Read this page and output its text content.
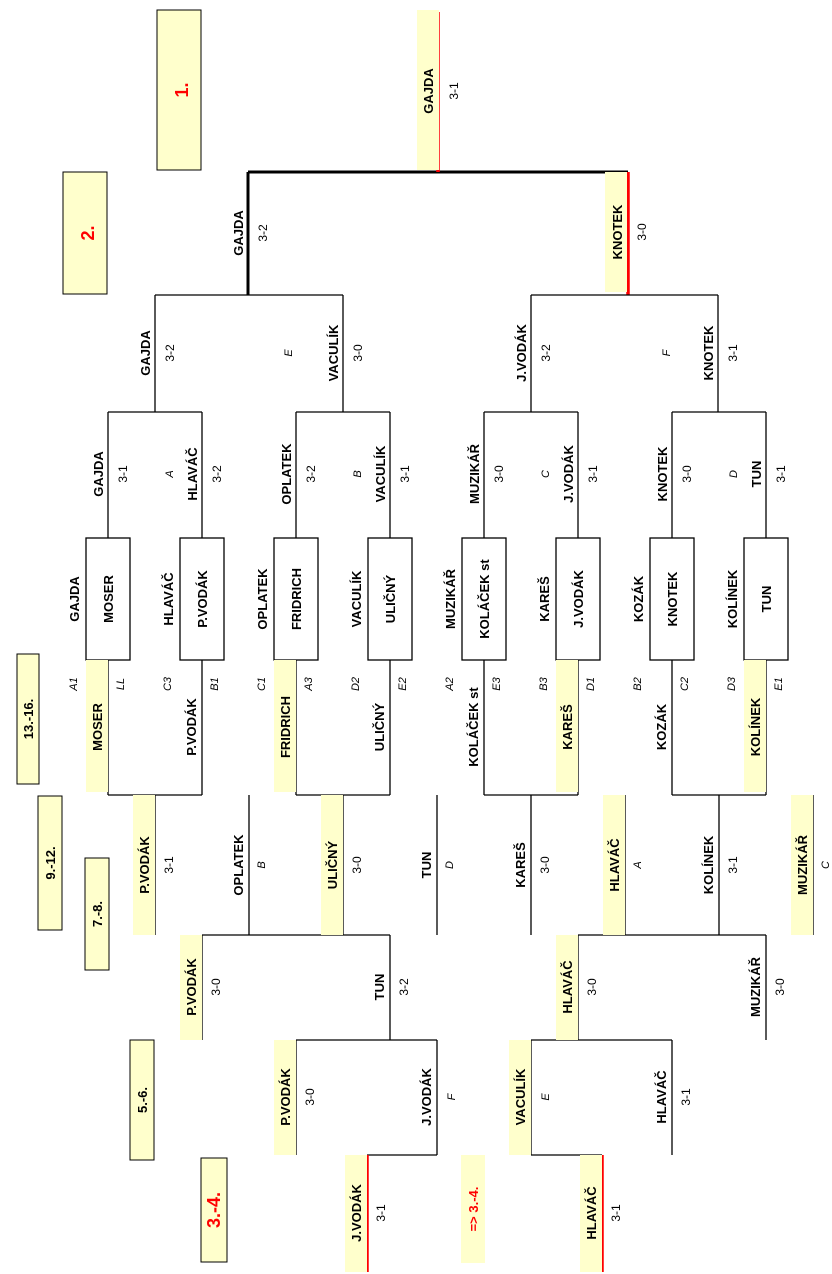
1.
2.
13.-16.
9.-12.
7.-8.
5.-6.
3.-4.	=> 3.-4.
GAJDA 3-1
KNOTEK 3-0
GAJDA 3-2
GAJDA 3-2	E VACULÍK 3-0	J.VODÁK 3-2	F KNOTEK 3-1
GAJDA 3-1	A HLAVÁČ 3-2	OPLATEK 3-2	B VACULÍK 3-1	MUZIKÁŘ 3-0	C J.VODÁK 3-1	KNOTEK 3-0	D TUN 3-1
GAJDA MOSER	HLAVÁČ P.VODÁK	OPLATEK FRIDRICH	VACULÍK ULIČNÝ	MUZIKÁŘ KOLÁČEK st	KAREŠ J.VODÁK	KOZÁK KNOTEK	KOLÍNEK TUN
A1	LL	C3	B1	C1	A3	D2	E2	A2	E3	B3	D1	B2	C2	D3	E1
MOSER	P.VODÁK	FRIDRICH	ULIČNÝ	KOLÁČEK st	KAREŠ	KOZÁK	KOLÍNEK
P.VODÁK 3-1	OPLATEK B	ULIČNÝ 3-0	TUN D	KAREŠ 3-0	HLAVÁČ A	KOLÍNEK 3-1	MUZIKÁŘ C
P.VODÁK 3-0	TUN 3-2	HLAVÁČ 3-0	MUZIKÁŘ 3-0
P.VODÁK 3-0	J.VODÁK F	VACULÍK E	HLAVÁČ 3-1
J.VODÁK 3-1	HLAVÁČ 3-1
